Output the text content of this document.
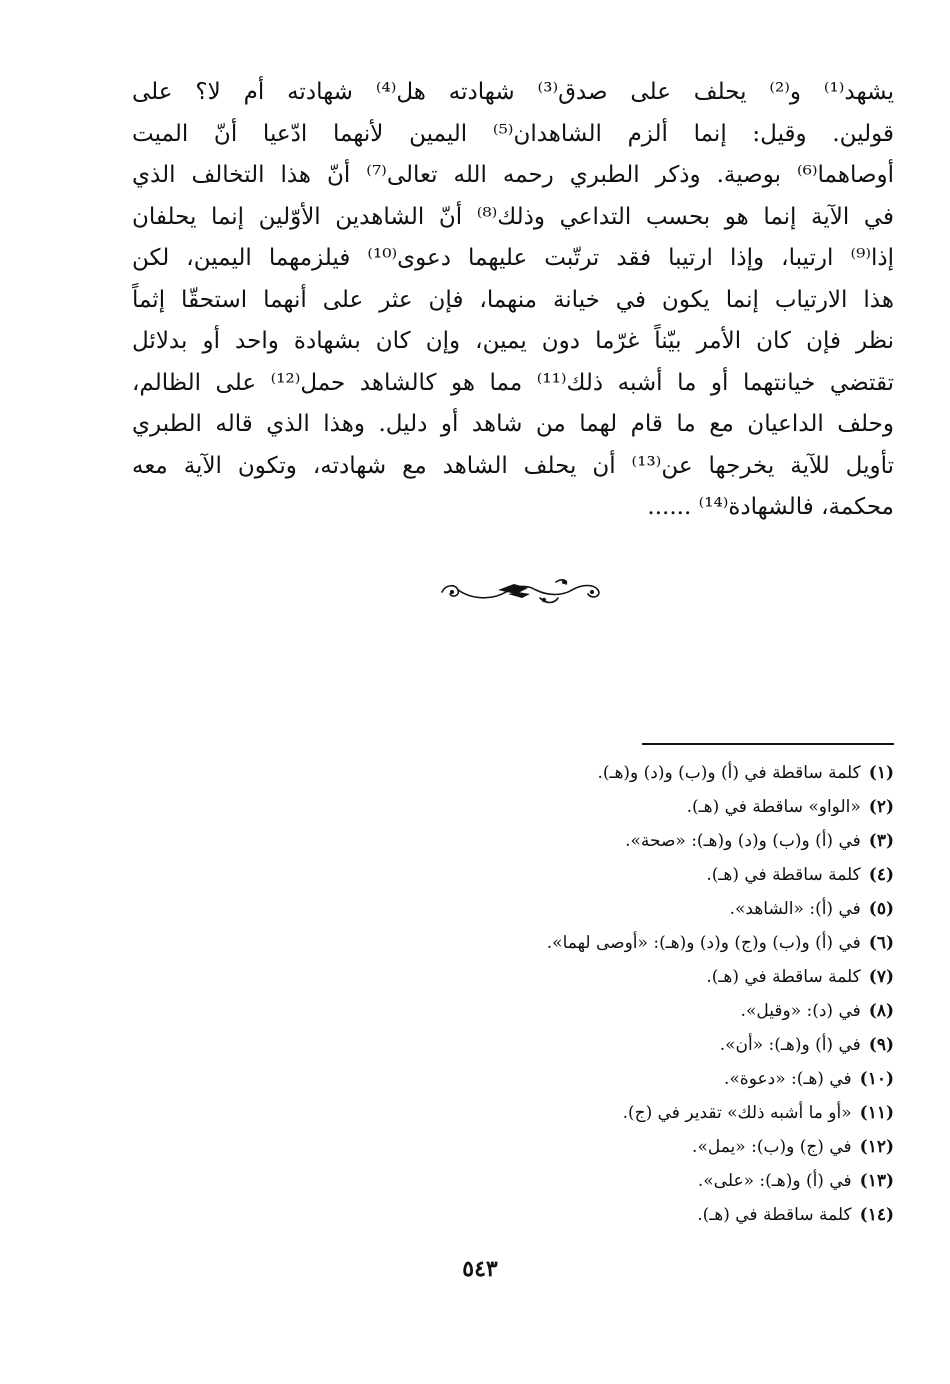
يشهد⁽¹⁾ و⁽²⁾ يحلف على صدق⁽³⁾ شهادته هل⁽⁴⁾ شهادته أم لا؟ على
قولين. وقيل: إنما ألزم الشاهدان⁽⁵⁾ اليمين لأنهما ادّعيا أنّ الميت
أوصاهما⁽⁶⁾ بوصية. وذكر الطبري رحمه الله تعالى⁽⁷⁾ أنّ هذا التخالف الذي
في الآية إنما هو بحسب التداعي وذلك⁽⁸⁾ أنّ الشاهدين الأوّلين إنما يحلفان
إذا⁽⁹⁾ ارتيبا، وإذا ارتيبا فقد ترتّبت عليهما دعوى⁽¹⁰⁾ فيلزمهما اليمين، لكن
هذا الارتياب إنما يكون في خيانة منهما، فإن عثر على أنهما استحقّا إثماً
نظر فإن كان الأمر بيّناً غرّما دون يمين، وإن كان بشهادة واحد أو بدلائل
تقتضي خيانتهما أو ما أشبه ذلك⁽¹¹⁾ مما هو كالشاهد حمل⁽¹²⁾ على الظالم،
وحلف الداعيان مع ما قام لهما من شاهد أو دليل. وهذا الذي قاله الطبري
تأويل للآية يخرجها عن⁽¹³⁾ أن يحلف الشاهد مع شهادته، وتكون الآية معه
محكمة، فالشهادة⁽¹⁴⁾ ......
(١)كلمة ساقطة في (أ) و(ب) و(د) و(هـ).
(٢)«الواو» ساقطة في (هـ).
(٣)في (أ) و(ب) و(د) و(هـ): «صحة».
(٤)كلمة ساقطة في (هـ).
(٥)في (أ): «الشاهد».
(٦)في (أ) و(ب) و(ج) و(د) و(هـ): «أوصى لهما».
(٧)كلمة ساقطة في (هـ).
(٨)في (د): «وقيل».
(٩)في (أ) و(هـ): «أن».
(١٠)في (هـ): «دعوة».
(١١)«أو ما أشبه ذلك» تقدير في (ج).
(١٢)في (ج) و(ب): «يمل».
(١٣)في (أ) و(هـ): «على».
(١٤)كلمة ساقطة في (هـ).
٥٤٣
